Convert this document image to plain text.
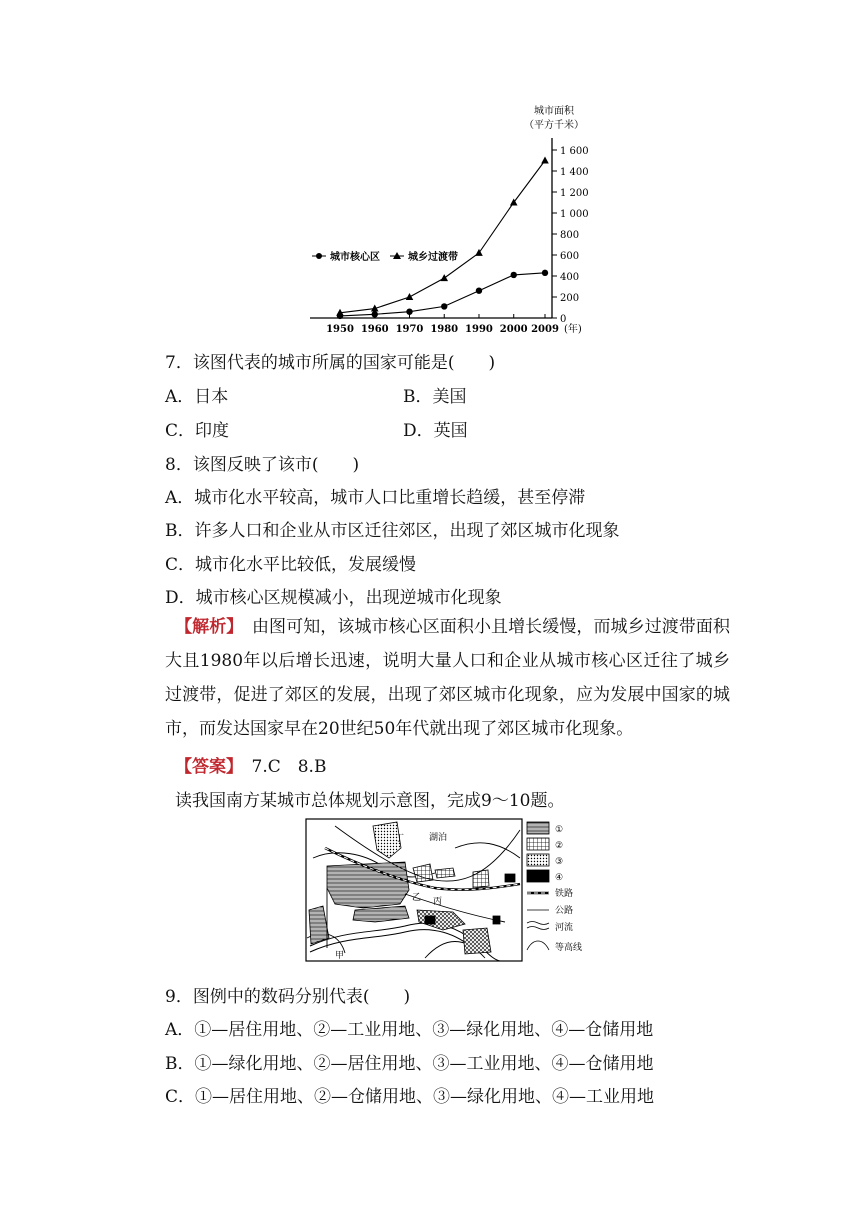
0
200
400
600
800
1 000
1 200
1 400
1 600
城市面积
（平方千米）
1950 1960 1970 1980 1990 2000 2009 (年)
城市核心区	城乡过渡带
7．该图代表的城市所属的国家可能是(　　)
A．日本	B．美国
C．印度	D．英国
8．该图反映了该市(　　)
A．城市化水平较高，城市人口比重增长趋缓，甚至停滞
B．许多人口和企业从市区迁往郊区，出现了郊区城市化现象
C．城市化水平比较低，发展缓慢
D．城市核心区规模减小，出现逆城市化现象
【解析】　 由图可知，该城市核心区面积小且增长缓慢，而城乡过渡带面积大且1980年以后增长迅速，说明大量人口和企业从城市核心区迁往了城乡过渡带，促进了郊区的发展，出现了郊区城市化现象，应为发展中国家的城市，而发达国家早在20世纪50年代就出现了郊区城市化现象。
【答案】　 7.C　8.B
读我国南方某城市总体规划示意图，完成9～10题。
丁	湖泊
丙
乙
甲
①
②
③
④
铁路
公路
河流
等高线
9．图例中的数码分别代表(　　)
A．①—居住用地、②—工业用地、③—绿化用地、④—仓储用地
B．①—绿化用地、②—居住用地、③—工业用地、④—仓储用地
C．①—居住用地、②—仓储用地、③—绿化用地、④—工业用地
